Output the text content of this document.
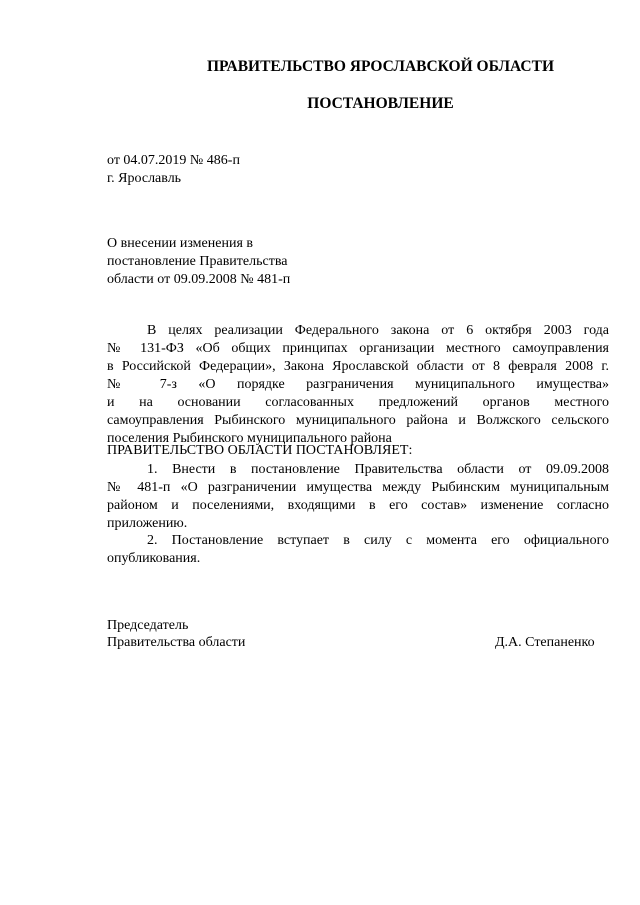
ПРАВИТЕЛЬСТВО ЯРОСЛАВСКОЙ ОБЛАСТИ
ПОСТАНОВЛЕНИЕ
от 04.07.2019 № 486-п
г. Ярославль
О внесении изменения в
постановление Правительства
области от 09.09.2008 № 481-п
В целях реализации Федерального закона от 6 октября 2003 года
№ 131-ФЗ «Об общих принципах организации местного самоуправления
в Российской Федерации», Закона Ярославской области от 8 февраля 2008 г.
№ 7-з «О порядке разграничения муниципального имущества»
и на основании согласованных предложений органов местного
самоуправления Рыбинского муниципального района и Волжского сельского
поселения Рыбинского муниципального района
ПРАВИТЕЛЬСТВО ОБЛАСТИ ПОСТАНОВЛЯЕТ:
1. Внести в постановление Правительства области от 09.09.2008
№ 481-п «О разграничении имущества между Рыбинским муниципальным
районом и поселениями, входящими в его состав» изменение согласно
приложению.
2. Постановление вступает в силу с момента его официального
опубликования.
Председатель
Правительства области	Д.А. Степаненко
